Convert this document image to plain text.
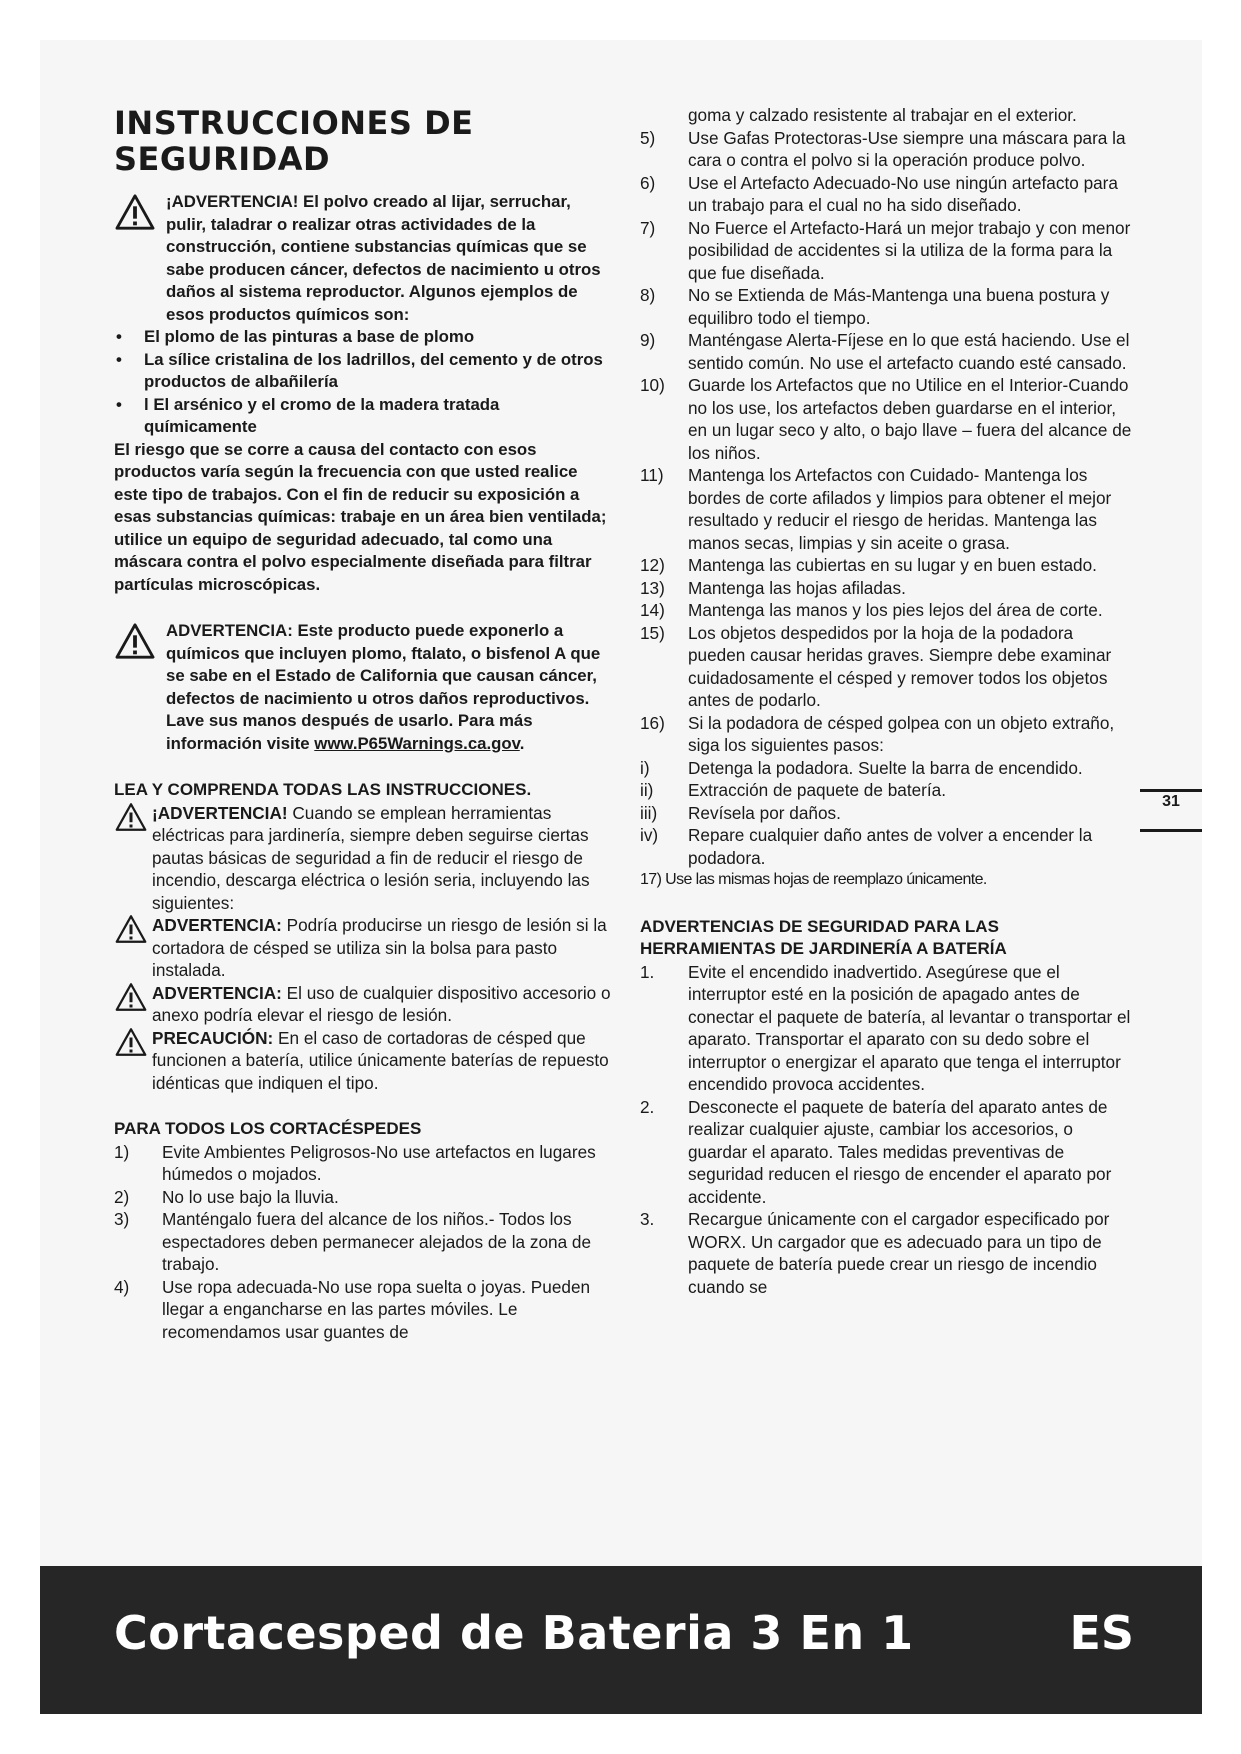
INSTRUCCIONES DE
SEGURIDAD
¡ADVERTENCIA! El polvo creado al lijar, serruchar, pulir, taladrar o realizar otras actividades de la construcción, contiene substancias químicas que se sabe producen cáncer, defectos de nacimiento u otros daños al sistema reproductor. Algunos ejemplos de esos productos químicos son:
• El plomo de las pinturas a base de plomo
• La sílice cristalina de los ladrillos, del cemento y de otros productos de albañilería
• l El arsénico y el cromo de la madera tratada químicamente
El riesgo que se corre a causa del contacto con esos productos varía según la frecuencia con que usted realice este tipo de trabajos. Con el fin de reducir su exposición a esas substancias químicas: trabaje en un área bien ventilada; utilice un equipo de seguridad adecuado, tal como una máscara contra el polvo especialmente diseñada para filtrar partículas microscópicas.
ADVERTENCIA: Este producto puede exponerlo a químicos que incluyen plomo, ftalato, o bisfenol A que se sabe en el Estado de California que causan cáncer, defectos de nacimiento u otros daños reproductivos. Lave sus manos después de usarlo. Para más información visite www.P65Warnings.ca.gov.
LEA Y COMPRENDA TODAS LAS INSTRUCCIONES.
¡ADVERTENCIA! Cuando se emplean herramientas eléctricas para jardinería, siempre deben seguirse ciertas pautas básicas de seguridad a fin de reducir el riesgo de incendio, descarga eléctrica o lesión seria, incluyendo las siguientes:
ADVERTENCIA: Podría producirse un riesgo de lesión si la cortadora de césped se utiliza sin la bolsa para pasto instalada.
ADVERTENCIA: El uso de cualquier dispositivo accesorio o anexo podría elevar el riesgo de lesión.
PRECAUCIÓN: En el caso de cortadoras de césped que funcionen a batería, utilice únicamente baterías de repuesto idénticas que indiquen el tipo.
PARA TODOS LOS CORTACÉSPEDES
1) Evite Ambientes Peligrosos-No use artefactos en lugares húmedos o mojados.
2) No lo use bajo la lluvia.
3) Manténgalo fuera del alcance de los niños.- Todos los espectadores deben permanecer alejados de la zona de trabajo.
4) Use ropa adecuada-No use ropa suelta o joyas. Pueden llegar a engancharse en las partes móviles. Le recomendamos usar guantes de
goma y calzado resistente al trabajar en el exterior.
5) Use Gafas Protectoras-Use siempre una máscara para la cara o contra el polvo si la operación produce polvo.
6) Use el Artefacto Adecuado-No use ningún artefacto para un trabajo para el cual no ha sido diseñado.
7) No Fuerce el Artefacto-Hará un mejor trabajo y con menor posibilidad de accidentes si la utiliza de la forma para la que fue diseñada.
8) No se Extienda de Más-Mantenga una buena postura y equilibro todo el tiempo.
9) Manténgase Alerta-Fíjese en lo que está haciendo. Use el sentido común. No use el artefacto cuando esté cansado.
10) Guarde los Artefactos que no Utilice en el Interior-Cuando no los use, los artefactos deben guardarse en el interior, en un lugar seco y alto, o bajo llave – fuera del alcance de los niños.
11) Mantenga los Artefactos con Cuidado- Mantenga los bordes de corte afilados y limpios para obtener el mejor resultado y reducir el riesgo de heridas. Mantenga las manos secas, limpias y sin aceite o grasa.
12) Mantenga las cubiertas en su lugar y en buen estado.
13) Mantenga las hojas afiladas.
14) Mantenga las manos y los pies lejos del área de corte.
15) Los objetos despedidos por la hoja de la podadora pueden causar heridas graves. Siempre debe examinar cuidadosamente el césped y remover todos los objetos antes de podarlo.
16) Si la podadora de césped golpea con un objeto extraño, siga los siguientes pasos:
i) Detenga la podadora. Suelte la barra de encendido.
ii) Extracción de paquete de batería.
iii) Revísela por daños.
iv) Repare cualquier daño antes de volver a encender la podadora.
17) Use las mismas hojas de reemplazo únicamente.
ADVERTENCIAS DE SEGURIDAD PARA LAS HERRAMIENTAS DE JARDINERÍA A BATERÍA
1. Evite el encendido inadvertido. Asegúrese que el interruptor esté en la posición de apagado antes de conectar el paquete de batería, al levantar o transportar el aparato. Transportar el aparato con su dedo sobre el interruptor o energizar el aparato que tenga el interruptor encendido provoca accidentes.
2. Desconecte el paquete de batería del aparato antes de realizar cualquier ajuste, cambiar los accesorios, o guardar el aparato. Tales medidas preventivas de seguridad reducen el riesgo de encender el aparato por accidente.
3. Recargue únicamente con el cargador especificado por WORX. Un cargador que es adecuado para un tipo de paquete de batería puede crear un riesgo de incendio cuando se
31
Cortacesped de Bateria 3 En 1	ES
